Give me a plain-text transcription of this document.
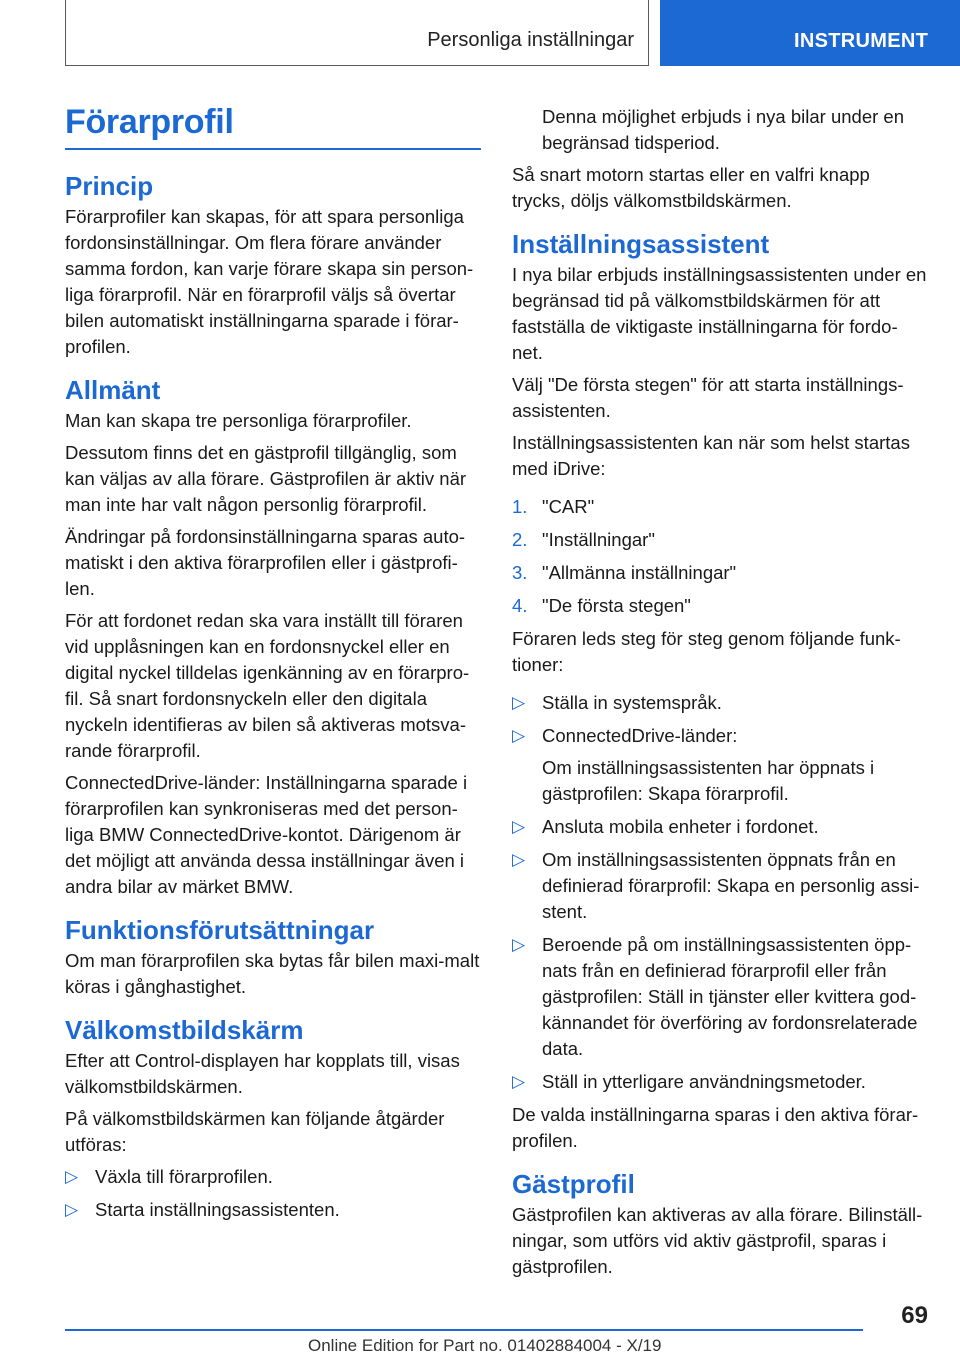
Personliga inställningar	INSTRUMENT
Förarprofil
Princip

Förarprofiler kan skapas, för att spara personliga fordonsinställningar. Om flera förare använder samma fordon, kan varje förare skapa sin person‐liga förarprofil. När en förarprofil väljs så övertar bilen automatiskt inställningarna sparade i förar‐profilen.

Allmänt

Man kan skapa tre personliga förarprofiler.

Dessutom finns det en gästprofil tillgänglig, som kan väljas av alla förare. Gästprofilen är aktiv när man inte har valt någon personlig förarprofil.

Ändringar på fordonsinställningarna sparas auto‐matiskt i den aktiva förarprofilen eller i gästprofi‐len.

För att fordonet redan ska vara inställt till föraren vid upplåsningen kan en fordonsnyckel eller en digital nyckel tilldelas igenkänning av en förarpro‐fil. Så snart fordonsnyckeln eller den digitala nyckeln identifieras av bilen så aktiveras motsva‐rande förarprofil.

ConnectedDrive-länder: Inställningarna sparade i förarprofilen kan synkroniseras med det person‐liga BMW ConnectedDrive-kontot. Därigenom är det möjligt att använda dessa inställningar även i andra bilar av märket BMW.

Funktionsförutsättningar

Om man förarprofilen ska bytas får bilen maxi‐malt köras i gånghastighet.

Välkomstbildskärm

Efter att Control-displayen har kopplats till, visas välkomstbildskärmen.

På välkomstbildskärmen kan följande åtgärder utföras:

▷ Växla till förarprofilen.
▷ Starta inställningsassistenten.

Denna möjlighet erbjuds i nya bilar under en begränsad tidsperiod.

Så snart motorn startas eller en valfri knapp trycks, döljs välkomstbildskärmen.

Inställningsassistent

I nya bilar erbjuds inställningsassistenten under en begränsad tid på välkomstbildskärmen för att fastställa de viktigaste inställningarna för fordo‐net.

Välj "De första stegen" för att starta inställnings‐assistenten.

Inställningsassistenten kan när som helst startas med iDrive:

1. "CAR"
2. "Inställningar"
3. "Allmänna inställningar"
4. "De första stegen"

Föraren leds steg för steg genom följande funk‐tioner:

▷ Ställa in systemspråk.
▷ ConnectedDrive-länder:

Om inställningsassistenten har öppnats i gästprofilen: Skapa förarprofil.

▷ Ansluta mobila enheter i fordonet.
▷ Om inställningsassistenten öppnats från en definierad förarprofil: Skapa en personlig assi‐stent.
▷ Beroende på om inställningsassistenten öpp‐nats från en definierad förarprofil eller från gästprofilen: Ställ in tjänster eller kvittera god‐kännandet för överföring av fordonsrelaterade data.
▷ Ställ in ytterligare användningsmetoder.

De valda inställningarna sparas i den aktiva förar‐profilen.

Gästprofil

Gästprofilen kan aktiveras av alla förare. Bilinställ‐ningar, som utförs vid aktiv gästprofil, sparas i gästprofilen.

69
Online Edition for Part no. 01402884004 - X/19
